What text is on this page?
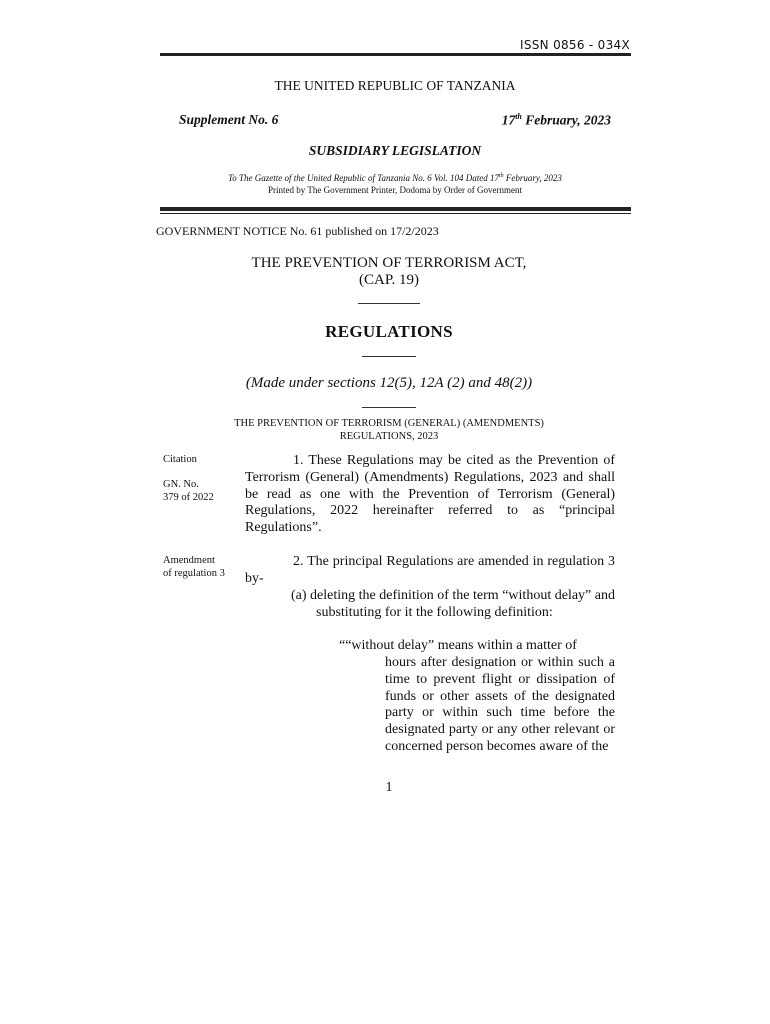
ISSN 0856 - 034X
THE UNITED REPUBLIC OF TANZANIA
Supplement No. 6	17th February, 2023
SUBSIDIARY LEGISLATION
To The Gazette of the United Republic of Tanzania No. 6 Vol. 104 Dated 17th February, 2023
Printed by The Government Printer, Dodoma by Order of Government
GOVERNMENT NOTICE No. 61 published on 17/2/2023
THE PREVENTION OF TERRORISM ACT,
(CAP. 19)
REGULATIONS
(Made under sections 12(5), 12A (2) and 48(2))
THE PREVENTION OF TERRORISM (GENERAL) (AMENDMENTS)
REGULATIONS, 2023
Citation
GN. No.
379 of 2022
1. These Regulations may be cited as the Prevention of Terrorism (General) (Amendments) Regulations, 2023 and shall be read as one with the Prevention of Terrorism (General) Regulations, 2022 hereinafter referred to as “principal Regulations”.
Amendment
of regulation 3
2. The principal Regulations are amended in regulation 3 by-
(a) deleting the definition of the term “without delay” and substituting for it the following definition:
““without delay” means within a matter of
hours after designation or within such a time to prevent flight or dissipation of funds or other assets of the designated party or within such time before the designated party or any other relevant or concerned person becomes aware of the
1
